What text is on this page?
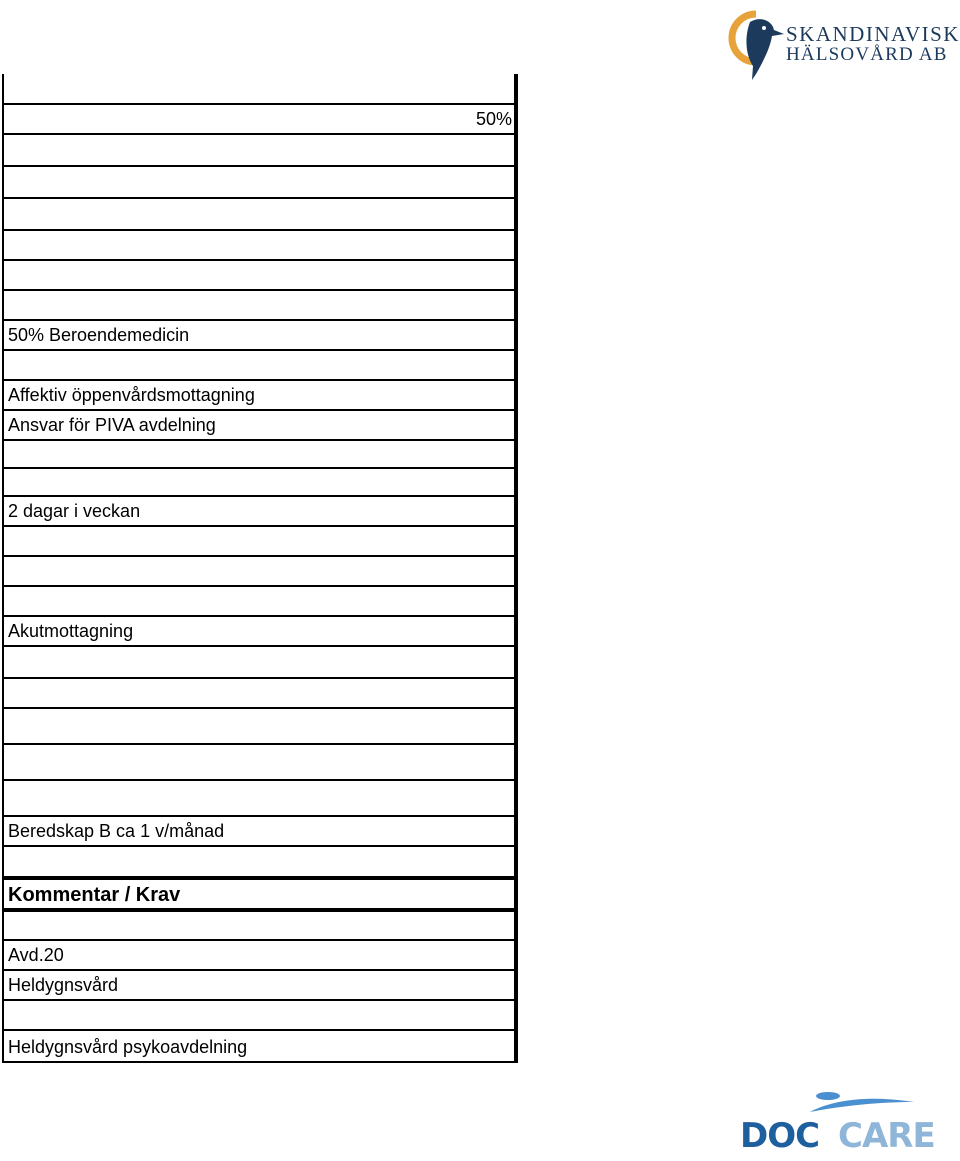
SKANDINAVISK
HÄLSOVÅRD AB
50%
50% Beroendemedicin
Affektiv öppenvårdsmottagning
Ansvar för PIVA avdelning
2 dagar i veckan
Akutmottagning
Beredskap B ca 1 v/månad
Kommentar / Krav
Avd.20
Heldygnsvård
Heldygnsvård psykoavdelning
DOC CARE
